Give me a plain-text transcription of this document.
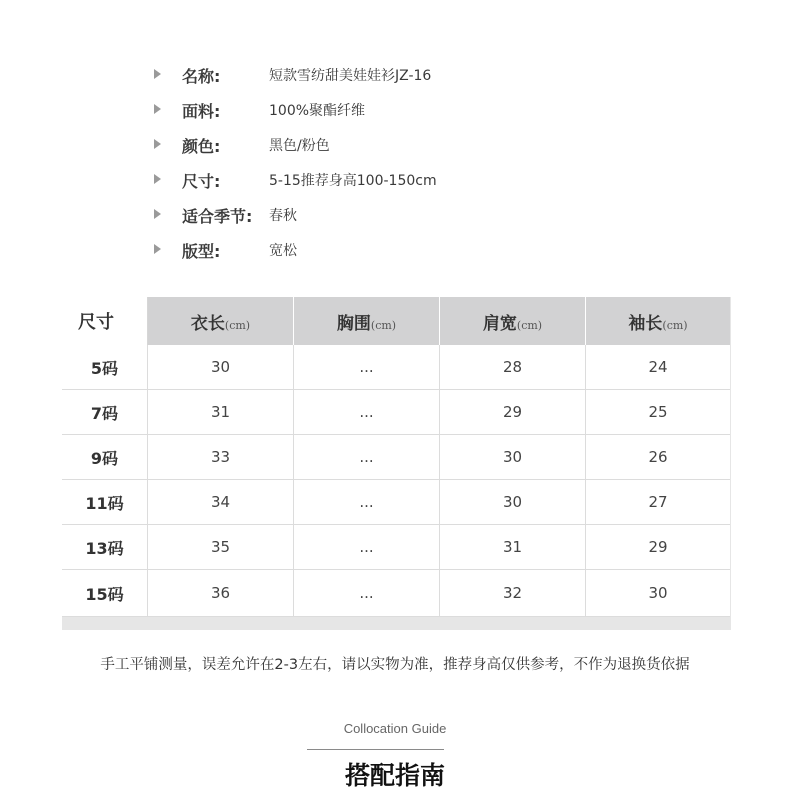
名称:	短款雪纺甜美娃娃衫JZ-16
面料:	100%聚酯纤维
颜色:	黑色/粉色
尺寸:	5-15推荐身高100-150cm
适合季节: 春秋
版型:	宽松
尺寸	衣长(cm)	胸围(cm)	肩宽(cm)	袖长(cm)
5码	30	...	28	24
7码	31	...	29	25
9码	33	...	30	26
11码	34	...	30	27
13码	35	...	31	29
15码	36	...	32	30
手工平铺测量，误差允许在2-3左右，请以实物为准，推荐身高仅供参考，不作为退换货依据
Collocation Guide
搭配指南
